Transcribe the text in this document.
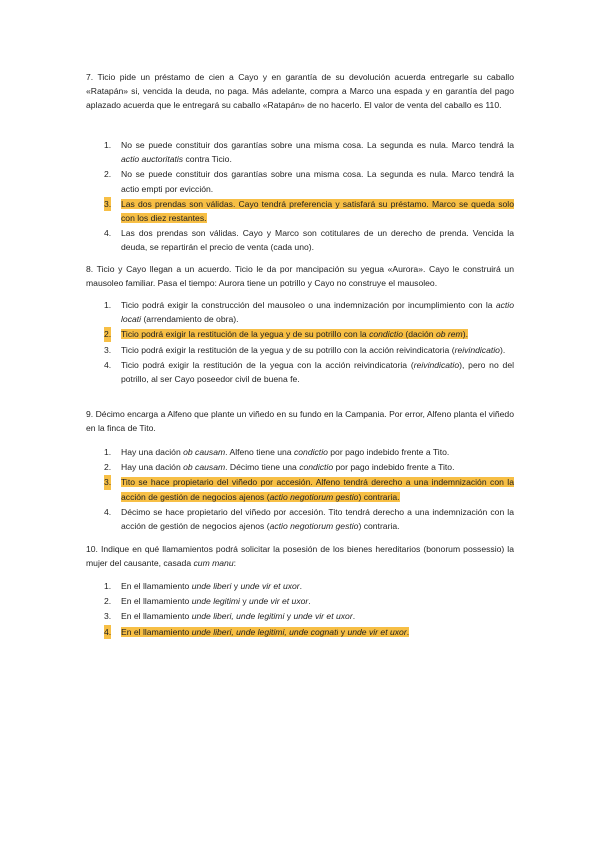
7. Ticio pide un préstamo de cien a Cayo y en garantía de su devolución acuerda entregarle su caballo «Ratapán» si, vencida la deuda, no paga. Más adelante, compra a Marco una espada y en garantía del pago aplazado acuerda que le entregará su caballo «Ratapán» de no hacerlo. El valor de venta del caballo es 110.

1. No se puede constituir dos garantías sobre una misma cosa. La segunda es nula. Marco tendrá la actio auctoritatis contra Ticio.
2. No se puede constituir dos garantías sobre una misma cosa. La segunda es nula. Marco tendrá la actio empti por evicción.
3. Las dos prendas son válidas. Cayo tendrá preferencia y satisfará su préstamo. Marco se queda solo con los diez restantes.
4. Las dos prendas son válidas. Cayo y Marco son cotitulares de un derecho de prenda. Vencida la deuda, se repartirán el precio de venta (cada uno).

8. Ticio y Cayo llegan a un acuerdo. Ticio le da por mancipación su yegua «Aurora». Cayo le construirá un mausoleo familiar. Pasa el tiempo: Aurora tiene un potrillo y Cayo no construye el mausoleo.

1. Ticio podrá exigir la construcción del mausoleo o una indemnización por incumplimiento con la actio locati (arrendamiento de obra).
2. Ticio podrá exigir la restitución de la yegua y de su potrillo con la condictio (dación ob rem).
3. Ticio podrá exigir la restitución de la yegua y de su potrillo con la acción reivindicatoria (reivindicatio).
4. Ticio podrá exigir la restitución de la yegua con la acción reivindicatoria (reivindicatio), pero no del potrillo, al ser Cayo poseedor civil de buena fe.

9. Décimo encarga a Alfeno que plante un viñedo en su fundo en la Campania. Por error, Alfeno planta el viñedo en la finca de Tito.

1. Hay una dación ob causam. Alfeno tiene una condictio por pago indebido frente a Tito.
2. Hay una dación ob causam. Décimo tiene una condictio por pago indebido frente a Tito.
3. Tito se hace propietario del viñedo por accesión. Alfeno tendrá derecho a una indemnización con la acción de gestión de negocios ajenos (actio negotiorum gestio) contraria.
4. Décimo se hace propietario del viñedo por accesión. Tito tendrá derecho a una indemnización con la acción de gestión de negocios ajenos (actio negotiorum gestio) contraria.

10. Indique en qué llamamientos podrá solicitar la posesión de los bienes hereditarios (bonorum possessio) la mujer del causante, casada cum manu:

1. En el llamamiento unde liberi y unde vir et uxor.
2. En el llamamiento unde legitimi y unde vir et uxor.
3. En el llamamiento unde liberi, unde legitimi y unde vir et uxor.
4. En el llamamiento unde liberi, unde legitimi, unde cognati y unde vir et uxor.
